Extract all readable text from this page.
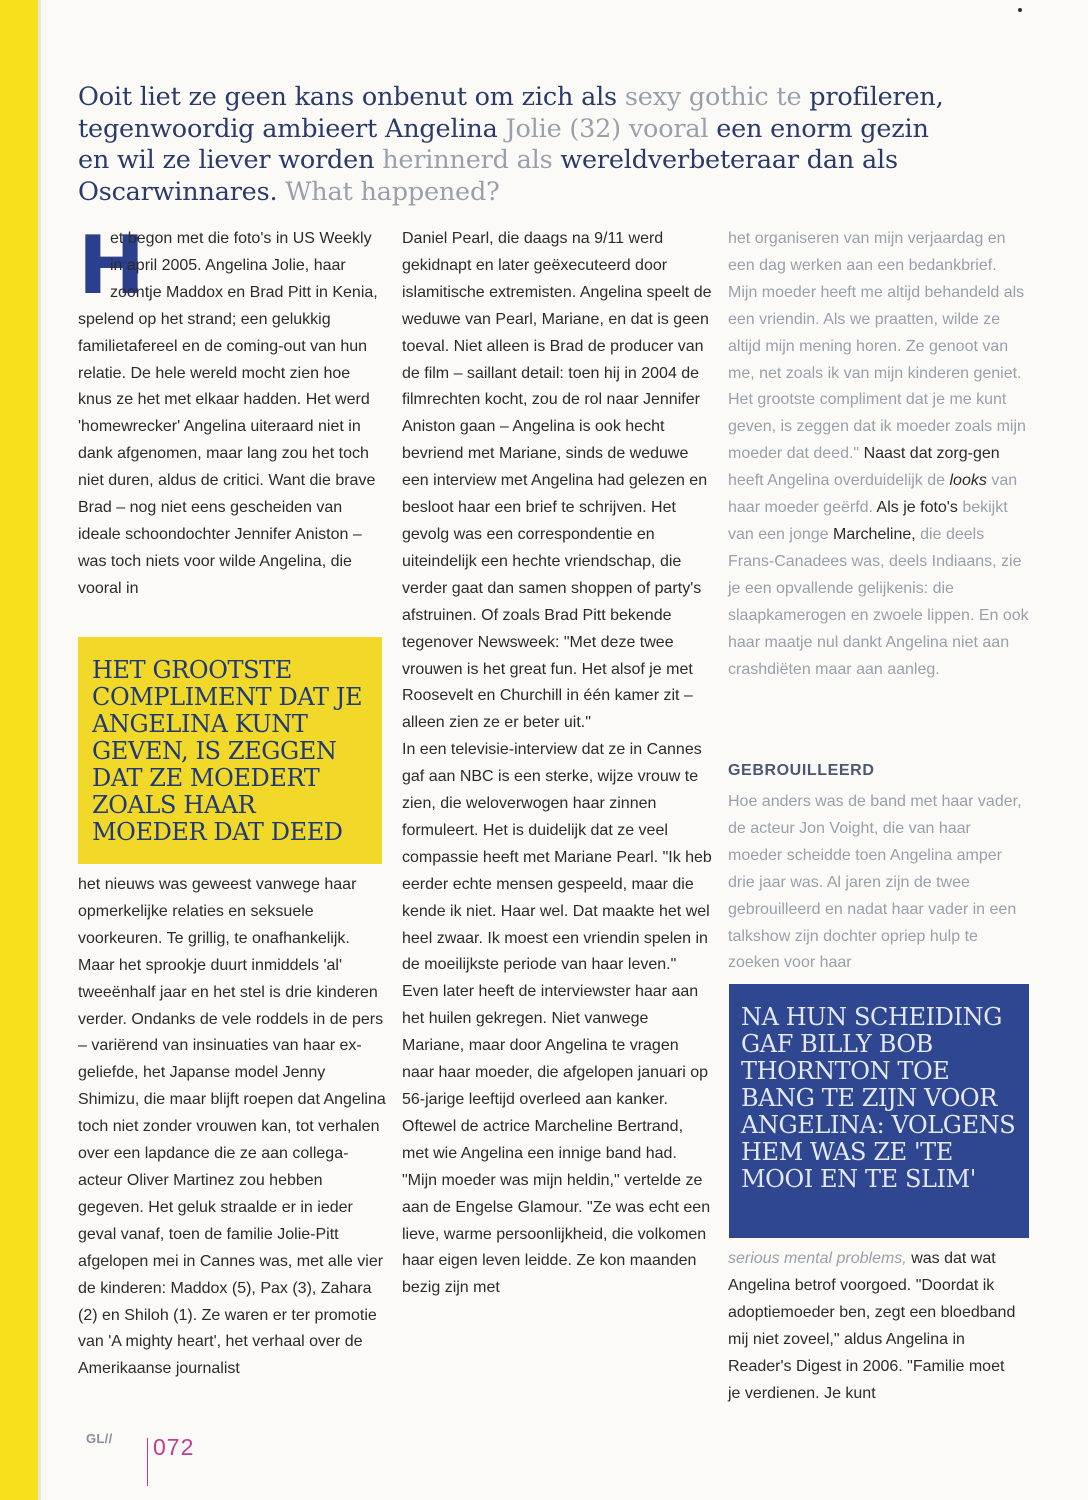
Ooit liet ze geen kans onbenut om zich als sexy gothic te profileren, tegenwoordig ambieert Angelina Jolie (32) vooral een enorm gezin en wil ze liever worden herinnerd als wereldverbeteraar dan als Oscarwinnares. What happened?

H
et begon met die foto's in US Weekly in april 2005. Angelina Jolie, haar zoontje Maddox en Brad Pitt in Kenia, spelend op het strand; een gelukkig familietafereel en de coming-out van hun relatie. De hele wereld mocht zien hoe knus ze het met elkaar hadden. Het werd 'homewrecker' Angelina uiteraard niet in dank afgenomen, maar lang zou het toch niet duren, aldus de critici. Want die brave Brad – nog niet eens gescheiden van ideale schoondochter Jennifer Aniston – was toch niets voor wilde Angelina, die vooral in

HET GROOTSTE COMPLIMENT DAT JE ANGELINA KUNT GEVEN, IS ZEGGEN DAT ZE MOEDERT ZOALS HAAR MOEDER DAT DEED

het nieuws was geweest vanwege haar opmerkelijke relaties en seksuele voorkeuren. Te grillig, te onafhankelijk. Maar het sprookje duurt inmiddels 'al' tweeënhalf jaar en het stel is drie kinderen verder. Ondanks de vele roddels in de pers – variërend van insinuaties van haar ex-geliefde, het Japanse model Jenny Shimizu, die maar blijft roepen dat Angelina toch niet zonder vrouwen kan, tot verhalen over een lapdance die ze aan collega-acteur Oliver Martinez zou hebben gegeven. Het geluk straalde er in ieder geval vanaf, toen de familie Jolie-Pitt afgelopen mei in Cannes was, met alle vier de kinderen: Maddox (5), Pax (3), Zahara (2) en Shiloh (1). Ze waren er ter promotie van 'A mighty heart', het verhaal over de Amerikaanse journalist

Daniel Pearl, die daags na 9/11 werd gekidnapt en later geëxecuteerd door islamitische extremisten. Angelina speelt de weduwe van Pearl, Mariane, en dat is geen toeval. Niet alleen is Brad de producer van de film – saillant detail: toen hij in 2004 de filmrechten kocht, zou de rol naar Jennifer Aniston gaan – Angelina is ook hecht bevriend met Mariane, sinds de weduwe een interview met Angelina had gelezen en besloot haar een brief te schrijven. Het gevolg was een correspondentie en uiteindelijk een hechte vriendschap, die verder gaat dan samen shoppen of party's afstruinen. Of zoals Brad Pitt bekende tegenover Newsweek: "Met deze twee vrouwen is het great fun. Het alsof je met Roosevelt en Churchill in één kamer zit – alleen zien ze er beter uit."
In een televisie-interview dat ze in Cannes gaf aan NBC is een sterke, wijze vrouw te zien, die weloverwogen haar zinnen formuleert. Het is duidelijk dat ze veel compassie heeft met Mariane Pearl. "Ik heb eerder echte mensen gespeeld, maar die kende ik niet. Haar wel. Dat maakte het wel heel zwaar. Ik moest een vriendin spelen in de moeilijkste periode van haar leven." Even later heeft de interviewster haar aan het huilen gekregen. Niet vanwege Mariane, maar door Angelina te vragen naar haar moeder, die afgelopen januari op 56-jarige leeftijd overleed aan kanker. Oftewel de actrice Marcheline Bertrand, met wie Angelina een innige band had. "Mijn moeder was mijn heldin," vertelde ze aan de Engelse Glamour. "Ze was echt een lieve, warme persoonlijkheid, die volkomen haar eigen leven leidde. Ze kon maanden bezig zijn met

het organiseren van mijn verjaardag en een dag werken aan een bedankbrief. Mijn moeder heeft me altijd behandeld als een vriendin. Als we praatten, wilde ze altijd mijn mening horen. Ze genoot van me, net zoals ik van mijn kinderen geniet. Het grootste compliment dat je me kunt geven, is zeggen dat ik moeder zoals mijn moeder dat deed." Naast dat zorg-gen heeft Angelina overduidelijk de looks van haar moeder geërfd. Als je foto's bekijkt van een jonge Marcheline, die deels Frans-Canadees was, deels Indiaans, zie je een opvallende gelijkenis: die slaapkamerogen en zwoele lippen. En ook haar maatje nul dankt Angelina niet aan crashdiëten maar aan aanleg.

GEBROUILLEERD

Hoe anders was de band met haar vader, de acteur Jon Voight, die van haar moeder scheidde toen Angelina amper drie jaar was. Al jaren zijn de twee gebrouilleerd en nadat haar vader in een talkshow zijn dochter opriep hulp te zoeken voor haar

NA HUN SCHEIDING GAF BILLY BOB THORNTON TOE BANG TE ZIJN VOOR ANGELINA: VOLGENS HEM WAS ZE 'TE MOOI EN TE SLIM'

serious mental problems, was dat wat Angelina betrof voorgoed. "Doordat ik adoptiemoeder ben, zegt een bloedband mij niet zoveel," aldus Angelina in Reader's Digest in 2006. "Familie moet je verdienen. Je kunt

GL// 072
